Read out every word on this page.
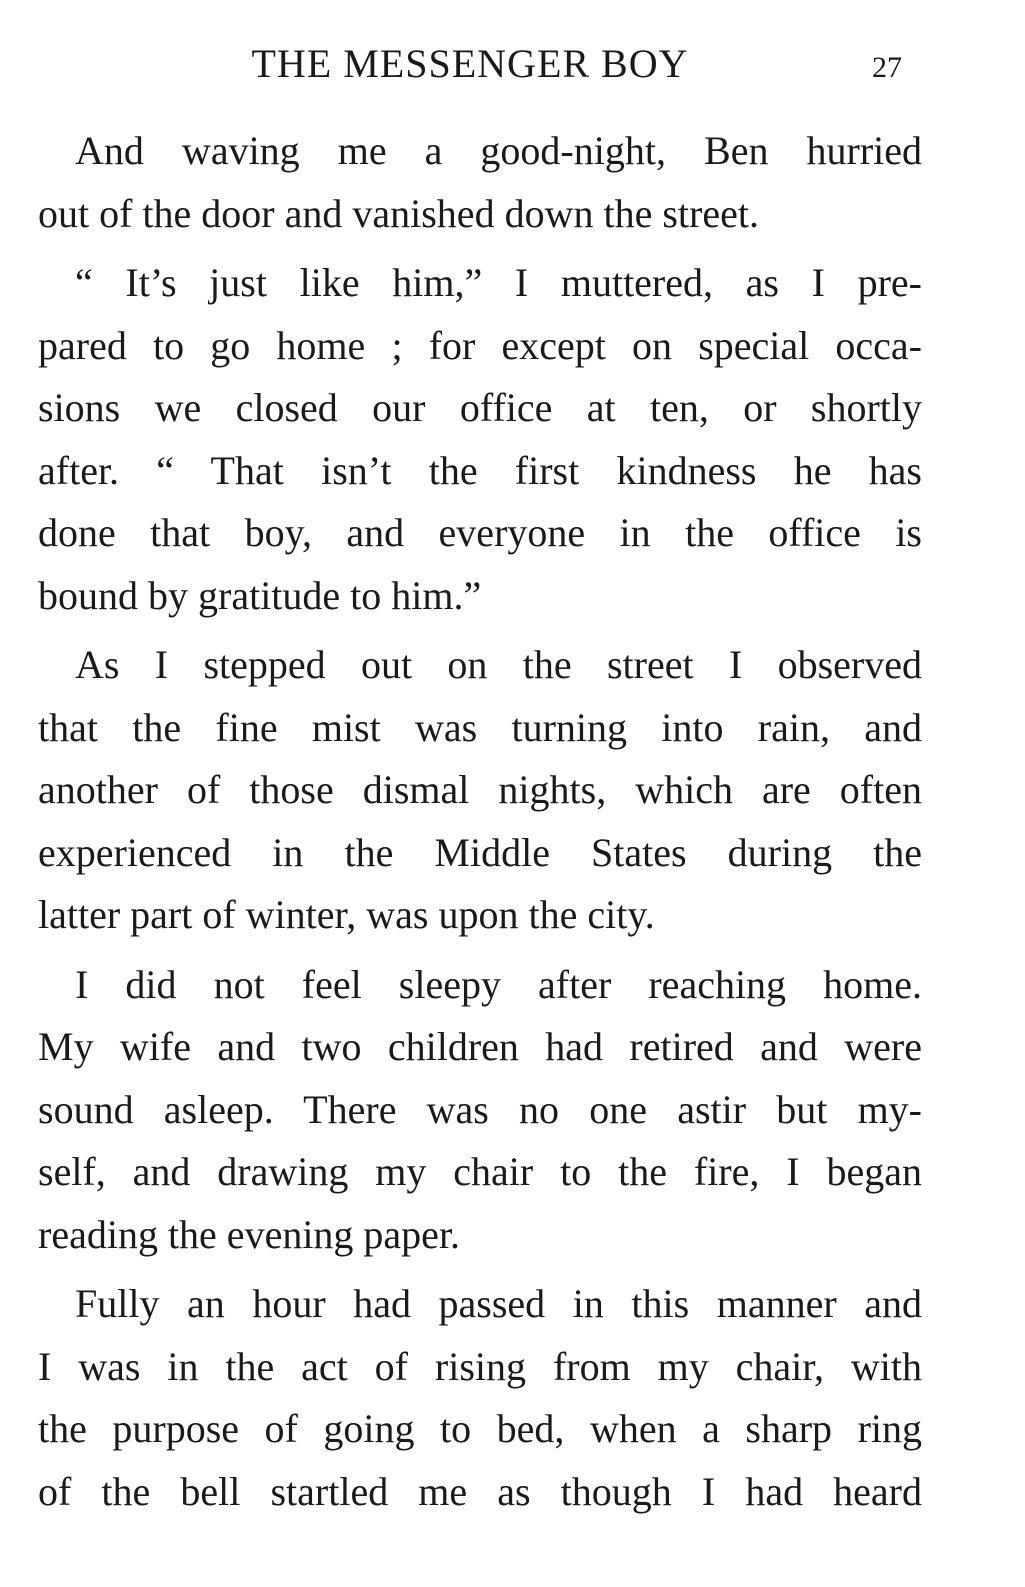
THE MESSENGER BOY	27
And waving me a good-night, Ben hurried
out of the door and vanished down the street.
“ It’s just like him,” I muttered, as I pre-
pared to go home ; for except on special occa-
sions we closed our office at ten, or shortly
after. “ That isn’t the first kindness he has
done that boy, and everyone in the office is
bound by gratitude to him.”
As I stepped out on the street I observed
that the fine mist was turning into rain, and
another of those dismal nights, which are often
experienced in the Middle States during the
latter part of winter, was upon the city.
I did not feel sleepy after reaching home.
My wife and two children had retired and were
sound asleep. There was no one astir but my-
self, and drawing my chair to the fire, I began
reading the evening paper.
Fully an hour had passed in this manner and
I was in the act of rising from my chair, with
the purpose of going to bed, when a sharp ring
of the bell startled me as though I had heard
